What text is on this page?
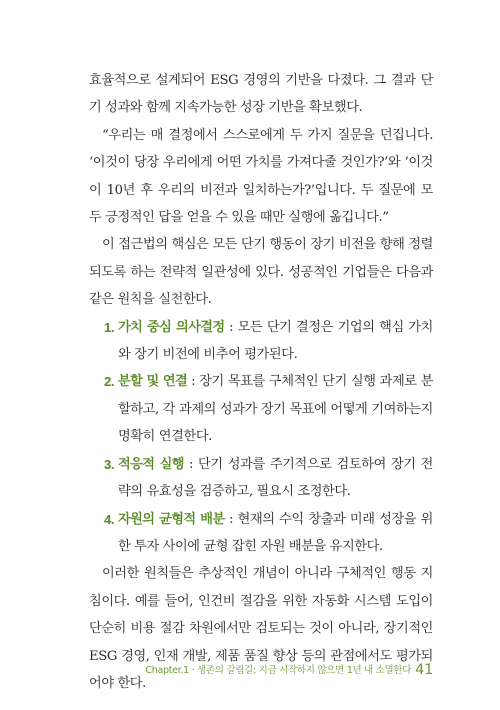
효율적으로 설계되어 ESG 경영의 기반을 다졌다. 그 결과 단기 성과와 함께 지속가능한 성장 기반을 확보했다.

“우리는 매 결정에서 스스로에게 두 가지 질문을 던집니다. ‘이것이 당장 우리에게 어떤 가치를 가져다줄 것인가?’와 ‘이것이 10년 후 우리의 비전과 일치하는가?’입니다. 두 질문에 모두 긍정적인 답을 얻을 수 있을 때만 실행에 옮깁니다.”

이 접근법의 핵심은 모든 단기 행동이 장기 비전을 향해 정렬되도록 하는 전략적 일관성에 있다. 성공적인 기업들은 다음과 같은 원칙을 실천한다.

1. 가치 중심 의사결정 : 모든 단기 결정은 기업의 핵심 가치와 장기 비전에 비추어 평가된다.
2. 분할 및 연결 : 장기 목표를 구체적인 단기 실행 과제로 분할하고, 각 과제의 성과가 장기 목표에 어떻게 기여하는지 명확히 연결한다.
3. 적응적 실행 : 단기 성과를 주기적으로 검토하여 장기 전략의 유효성을 검증하고, 필요시 조정한다.
4. 자원의 균형적 배분 : 현재의 수익 창출과 미래 성장을 위한 투자 사이에 균형 잡힌 자원 배분을 유지한다.

이러한 원칙들은 추상적인 개념이 아니라 구체적인 행동 지침이다. 예를 들어, 인건비 절감을 위한 자동화 시스템 도입이 단순히 비용 절감 차원에서만 검토되는 것이 아니라, 장기적인 ESG 경영, 인재 개발, 제품 품질 향상 등의 관점에서도 평가되어야 한다.

Chapter.1 · 생존의 갈림길: 지금 시작하지 않으면 1년 내 소멸한다 41
